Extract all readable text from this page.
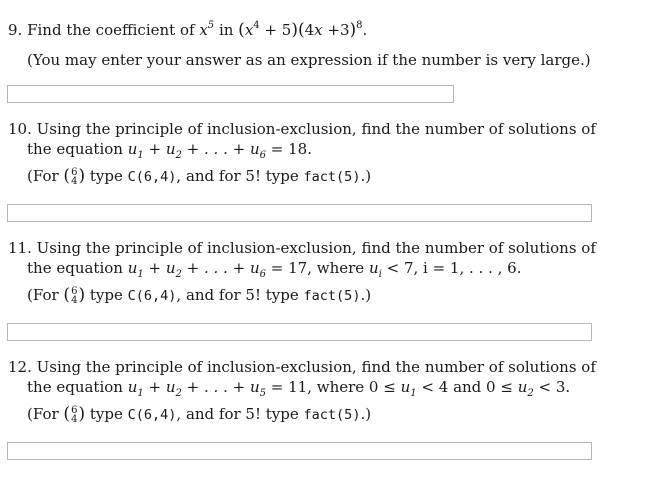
9. Find the coefficient of $x^5$ in $(x^4 + 5)(4x +3)^8$.
(You may enter your answer as an expression if the number is very large.)
10. Using the principle of inclusion-exclusion, find the number of solutions of
the equation $u_1 + u_2$ + . . . + $u_6 = 18$.
(For (6
4) type C(6,4), and for 5! type fact(5).)
11. Using the principle of inclusion-exclusion, find the number of solutions of
the equation $u_1 + u_2$ + . . . + $u_6 = 17$, where $u_i < 7$, i = 1, . . . , 6.
(For (6
4) type C(6,4), and for 5! type fact(5).)
12. Using the principle of inclusion-exclusion, find the number of solutions of
the equation $u_1 + u_2$ + . . . + $u_5 = 11$, where $0 \le u_1 < 4$ and $0 \le u_2 < 3$.
(For (6
4) type C(6,4), and for 5! type fact(5).)
